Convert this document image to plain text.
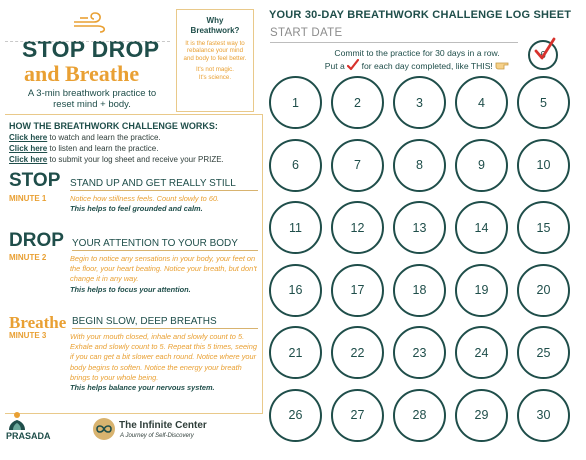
STOP DROP
and Breathe
A 3-min breathwork practice to reset mind + body.
Why
Breathwork?
It is the fastest way to rebalance your mind and body to feel better.
It's not magic.
It's science.
HOW THE BREATHWORK CHALLENGE WORKS:
Click here to watch and learn the practice.
Click here to listen and learn the practice.
Click here to submit your log sheet and receive your PRIZE.
STOP STAND UP AND GET REALLY STILL
MINUTE 1	Notice how stillness feels. Count slowly to 60.
This helps to feel grounded and calm.
DROP YOUR ATTENTION TO YOUR BODY
MINUTE 2	Begin to notice any sensations in your body, your feet on the floor, your heart beating. Notice your breath, but don't change it in any way.
This helps to focus your attention.
Breathe BEGIN SLOW, DEEP BREATHS
MINUTE 3	With your mouth closed, inhale and slowly count to 5. Exhale and slowly count to 5. Repeat this 5 times, seeing if you can get a bit slower each round. Notice where your body begins to soften. Notice the energy your breath brings to your whole being.
This helps balance your nervous system.
PRASADA
The Infinite Center
A Journey of Self-Discovery
YOUR 30-DAY BREATHWORK CHALLENGE LOG SHEET
START DATE
Commit to the practice for 30 days in a row.
Put a for each day completed, like THIS!
6
1	2	3	4	5
6	7	8	9	10
11	12	13	14	15
16	17	18	19	20
21	22	23	24	25
26	27	28	29	30
